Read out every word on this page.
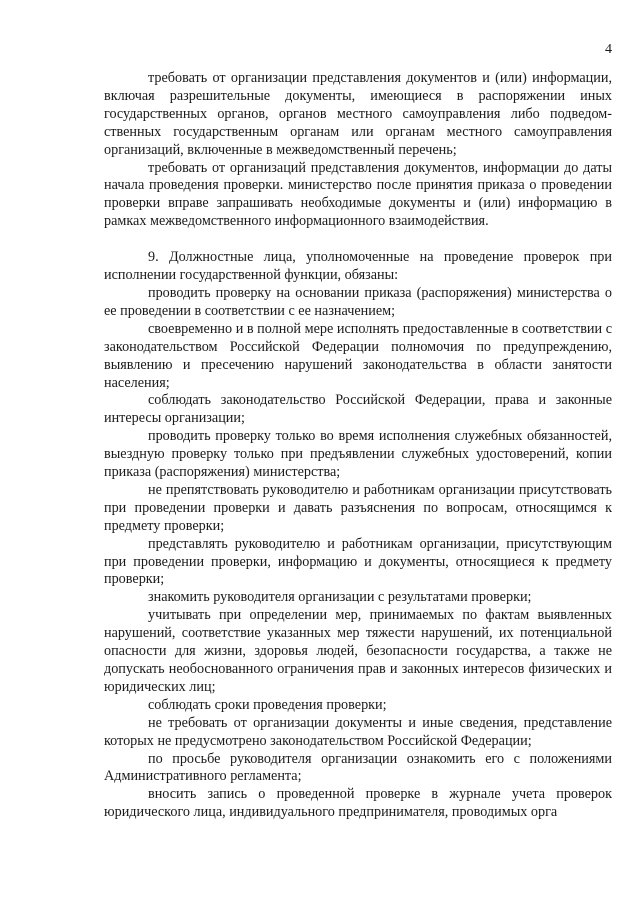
4

требовать от организации представления документов и (или) информации, включая разрешительные документы, имеющиеся в распоряжении иных государственных органов, органов местного самоуправления либо подведомственных государственным органам или органам местного самоуправления организаций, включенные в межведомственный перечень;

требовать от организаций представления документов, информации до даты начала проведения проверки. министерство после принятия приказа о проведении проверки вправе запрашивать необходимые документы и (или) информацию в рамках межведомственного информационного взаимодействия.

9. Должностные лица, уполномоченные на проведение проверок при исполнении государственной функции, обязаны:

проводить проверку на основании приказа (распоряжения) министерства о ее проведении в соответствии с ее назначением;

своевременно и в полной мере исполнять предоставленные в соответствии с законодательством Российской Федерации полномочия по предупреждению, выявлению и пресечению нарушений законодательства в области занятости населения;

соблюдать законодательство Российской Федерации, права и законные интересы организации;

проводить проверку только во время исполнения служебных обязанностей, выездную проверку только при предъявлении служебных удостоверений, копии приказа (распоряжения) министерства;

не препятствовать руководителю и работникам организации присутствовать при проведении проверки и давать разъяснения по вопросам, относящимся к предмету проверки;

представлять руководителю и работникам организации, присутствующим при проведении проверки, информацию и документы, относящиеся к предмету проверки;

знакомить руководителя организации с результатами проверки;

учитывать при определении мер, принимаемых по фактам выявленных нарушений, соответствие указанных мер тяжести нарушений, их потенциальной опасности для жизни, здоровья людей, безопасности государства, а также не допускать необоснованного ограничения прав и законных интересов физических и юридических лиц;

соблюдать сроки проведения проверки;

не требовать от организации документы и иные сведения, представление которых не предусмотрено законодательством Российской Федерации;

по просьбе руководителя организации ознакомить его с положениями Административного регламента;

вносить запись о проведенной проверке в журнале учета проверок юридического лица, индивидуального предпринимателя, проводимых орга
